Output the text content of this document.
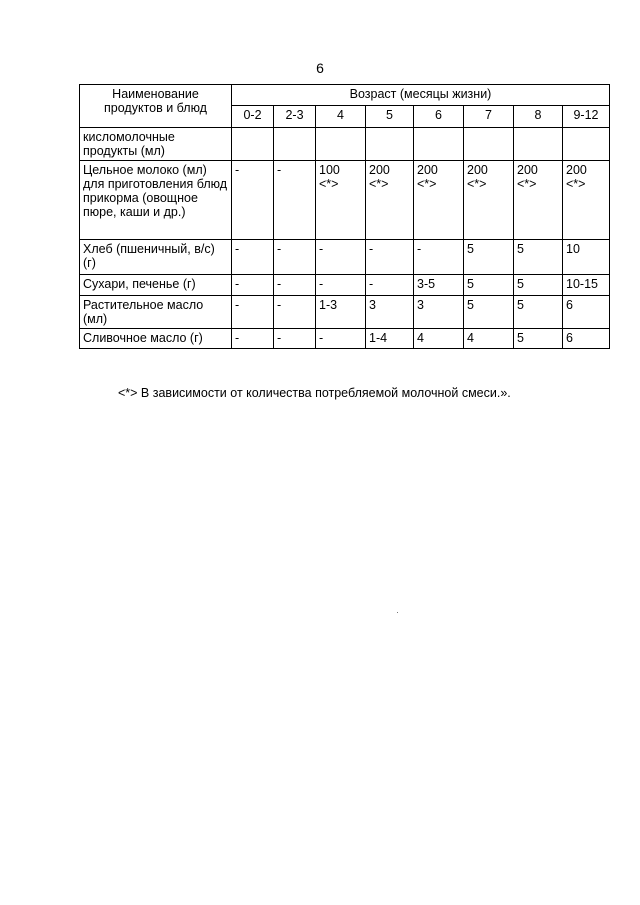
6
Наименование продуктов и блюд	Возраст (месяцы жизни)							
	0-2	2-3	4	5	6	7	8	9-12
кисломолочные продукты (мл)								
Цельное молоко (мл) для приготовления блюд прикорма (овощное пюре, каши и др.)	-	-	100 <*>	200 <*>	200 <*>	200 <*>	200 <*>	200 <*>
Хлеб (пшеничный, в/с) (г)	-	-	-	-	-	5	5	10
Сухари, печенье (г)	-	-	-	-	3-5	5	5	10-15
Растительное масло (мл)	-	-	1-3	3	3	5	5	6
Сливочное масло (г)	-	-	-	1-4	4	4	5	6
<*> В зависимости от количества потребляемой молочной смеси.».
